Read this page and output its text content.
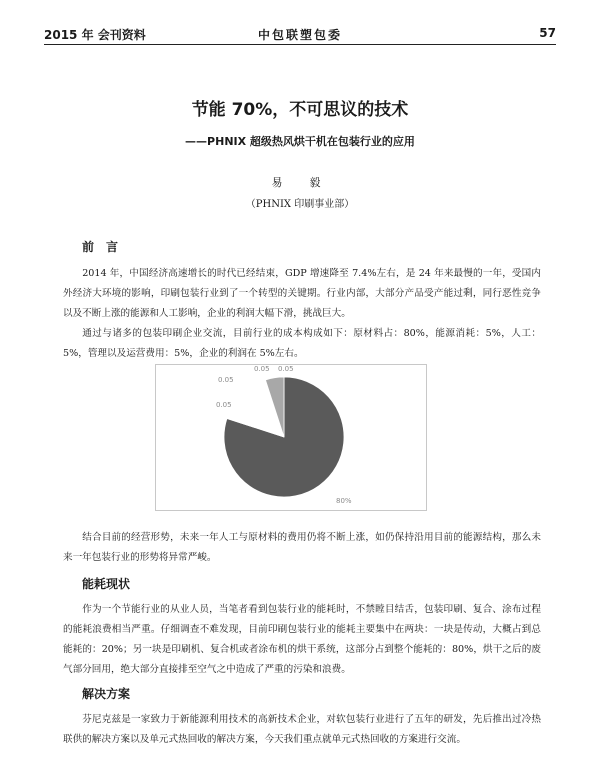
2015 年 会刊资料	中包联塑包委	57
节能 70%，不可思议的技术
——PHNIX 超级热风烘干机在包装行业的应用
易　毅
（PHNIX 印刷事业部）
前　言

2014 年，中国经济高速增长的时代已经结束，GDP 增速降至 7.4%左右，是 24 年来最慢的一年，受国内外经济大环境的影响，印刷包装行业到了一个转型的关键期。行业内部，大部分产品受产能过剩，同行恶性竞争以及不断上涨的能源和人工影响，企业的利润大幅下滑，挑战巨大。

通过与诸多的包装印刷企业交流，目前行业的成本构成如下：原材料占：80%，能源消耗：5%，人工：5%，管理以及运营费用：5%，企业的利润在 5%左右。

80%
0.05
0.05
0.05 0.05

结合目前的经营形势，未来一年人工与原材料的费用仍将不断上涨，如仍保持沿用目前的能源结构，那么未来一年包装行业的形势将异常严峻。

能耗现状

作为一个节能行业的从业人员，当笔者看到包装行业的能耗时，不禁瞠目结舌，包装印刷、复合、涂布过程的能耗浪费相当严重。仔细调查不难发现，目前印刷包装行业的能耗主要集中在两块：一块是传动，大概占到总能耗的：20%；另一块是印刷机、复合机或者涂布机的烘干系统，这部分占到整个能耗的：80%，烘干之后的废气部分回用，绝大部分直接排至空气之中造成了严重的污染和浪费。

解决方案

芬尼克兹是一家致力于新能源利用技术的高新技术企业，对软包装行业进行了五年的研发，先后推出过冷热联供的解决方案以及单元式热回收的解决方案，今天我们重点就单元式热回收的方案进行交流。
